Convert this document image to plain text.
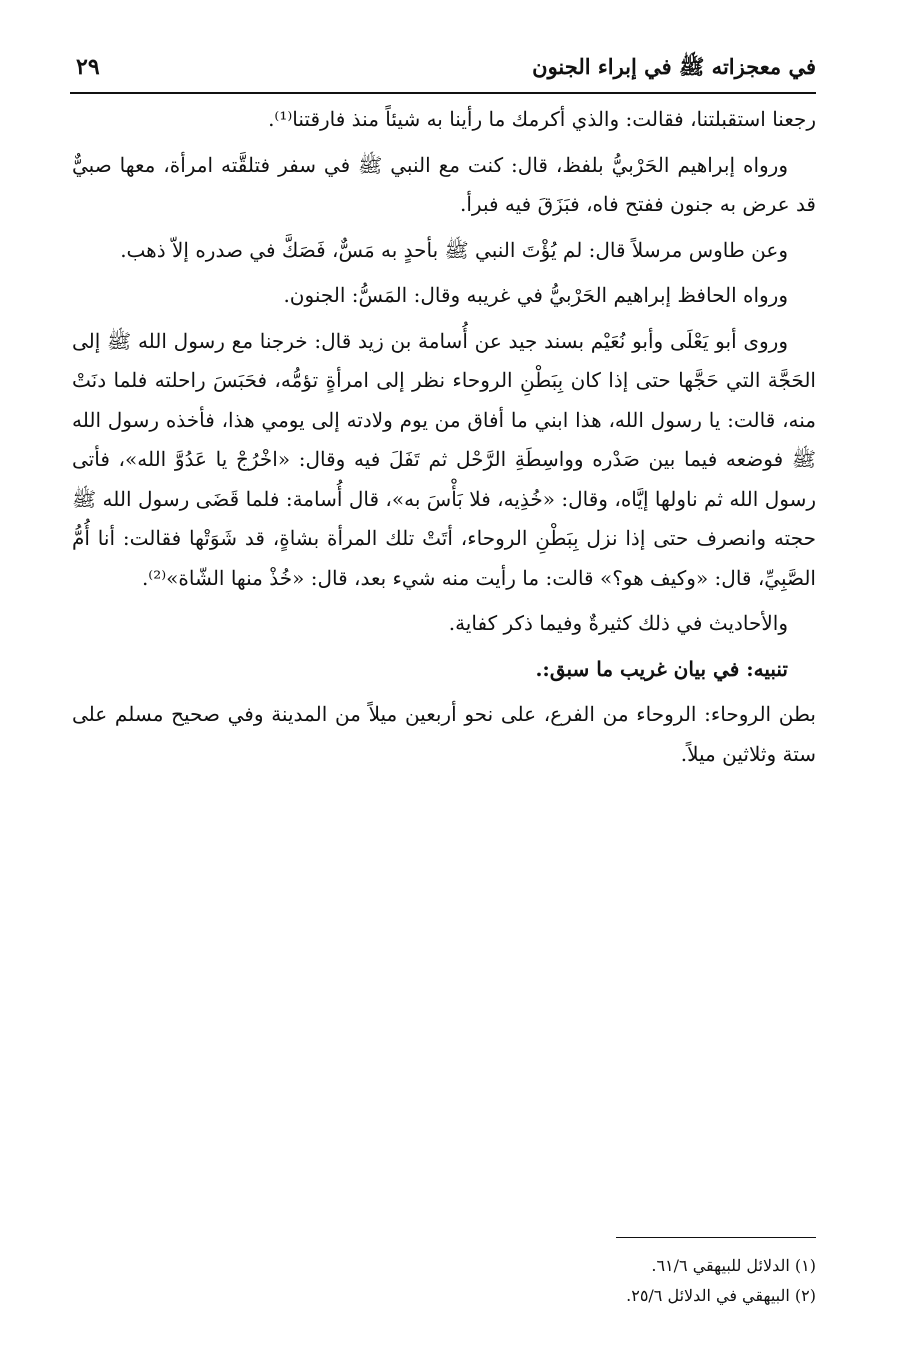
في معجزاته ﷺ في إبراء الجنون
٢٩

رجعنا استقبلتنا، فقالت: والذي أكرمك ما رأينا به شيئاً منذ فارقتنا⁽¹⁾.

ورواه إبراهيم الحَرْبيُّ بلفظ، قال: كنت مع النبي ﷺ في سفر فتلقَّته امرأة، معها صبيٌّ قد عرض به جنون ففتح فاه، فبَزَقَ فيه فبرأ.

وعن طاوس مرسلاً قال: لم يُؤْتَ النبي ﷺ بأحدٍ به مَسٌّ، فَصَكَّ في صدره إلاّ ذهب.

ورواه الحافظ إبراهيم الحَرْبيُّ في غريبه وقال: المَسُّ: الجنون.

وروى أبو يَعْلَى وأبو نُعَيْم بسند جيد عن أُسامة بن زيد قال: خرجنا مع رسول الله ﷺ إلى الحَجَّة التي حَجَّها حتى إذا كان بِبَطْنِ الروحاء نظر إلى امرأةٍ تؤمُّه، فحَبَسَ راحلته فلما دنَتْ منه، قالت: يا رسول الله، هذا ابني ما أفاق من يوم ولادته إلى يومي هذا، فأخذه رسول الله ﷺ فوضعه فيما بين صَدْره وواسِطَةِ الرَّحْل ثم تَفَلَ فيه وقال: «اخْرُجْ يا عَدُوَّ الله»، فأتى رسول الله ثم ناولها إيَّاه، وقال: «خُذِيه، فلا بَأْسَ به»، قال أُسامة: فلما قَضَى رسول الله ﷺ حجته وانصرف حتى إذا نزل بِبَطْنِ الروحاء، أتَتْ تلك المرأة بشاةٍ، قد شَوَتْها فقالت: أنا أُمُّ الصَّبِيِّ، قال: «وكيف هو؟» قالت: ما رأيت منه شيء بعد، قال: «خُذْ منها الشّاة»⁽²⁾.

والأحاديث في ذلك كثيرةٌ وفيما ذكر كفاية.

تنبيه: في بيان غريب ما سبق:.

بطن الروحاء: الروحاء من الفرع، على نحو أربعين ميلاً من المدينة وفي صحيح مسلم على ستة وثلاثين ميلاً.

(١) الدلائل للبيهقي ٦١/٦.

(٢) البيهقي في الدلائل ٢٥/٦.
